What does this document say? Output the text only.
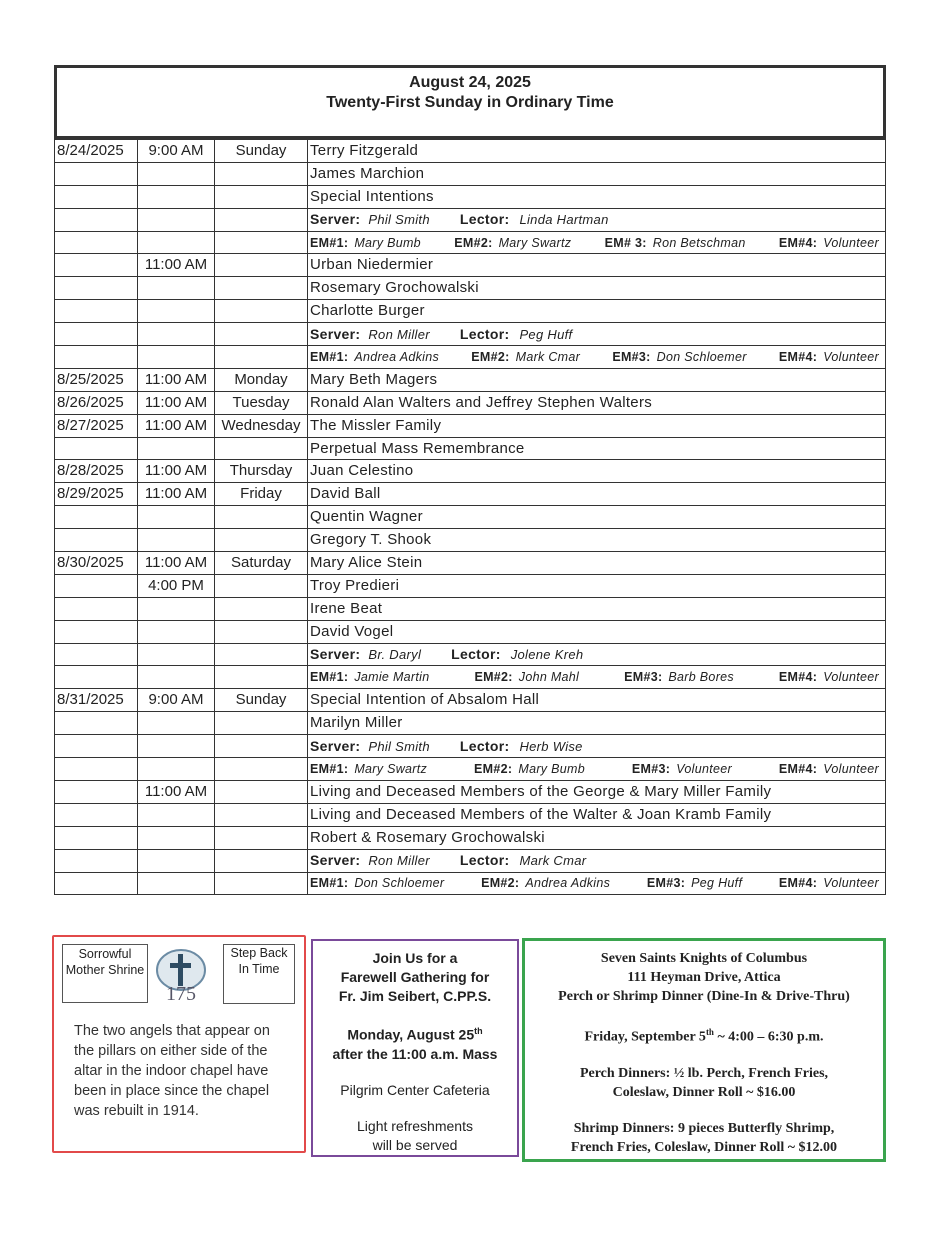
August 24, 2025
Twenty-First Sunday in Ordinary Time
8/24/2025	9:00 AM	Sunday	Terry Fitzgerald
			James Marchion
			Special Intentions
			Server: Phil Smith Lector: Linda Hartman

			EM#1: Mary Bumb EM#2: Mary Swartz EM# 3: Ron Betschman EM#4: Volunteer

	11:00 AM		Urban Niedermier
			Rosemary Grochowalski
			Charlotte Burger
			Server: Ron Miller Lector: Peg Huff

			EM#1: Andrea Adkins EM#2: Mark Cmar EM#3: Don Schloemer EM#4: Volunteer

8/25/2025	11:00 AM	Monday	Mary Beth Magers
8/26/2025	11:00 AM	Tuesday	Ronald Alan Walters and Jeffrey Stephen Walters
8/27/2025	11:00 AM	Wednesday	The Missler Family
			Perpetual Mass Remembrance
8/28/2025	11:00 AM	Thursday	Juan Celestino
8/29/2025	11:00 AM	Friday	David Ball
			Quentin Wagner
			Gregory T. Shook
8/30/2025	11:00 AM	Saturday	Mary Alice Stein
	4:00 PM		Troy Predieri
			Irene Beat
			David Vogel
			Server: Br. Daryl Lector: Jolene Kreh

			EM#1: Jamie Martin EM#2: John Mahl EM#3: Barb Bores EM#4: Volunteer

8/31/2025	9:00 AM	Sunday	Special Intention of Absalom Hall
			Marilyn Miller
			Server: Phil Smith Lector: Herb Wise

			EM#1: Mary Swartz EM#2: Mary Bumb EM#3: Volunteer EM#4: Volunteer

	11:00 AM		Living and Deceased Members of the George & Mary Miller Family
			Living and Deceased Members of the Walter & Joan Kramb Family
			Robert & Rosemary Grochowalski
			Server: Ron Miller Lector: Mark Cmar

			EM#1: Don Schloemer EM#2: Andrea Adkins EM#3: Peg Huff EM#4: Volunteer
Sorrowful Mother Shrine
175
Step Back In Time
The two angels that appear on the pillars on either side of the altar in the indoor chapel have been in place since the chapel was rebuilt in 1914.

Join Us for a

Farewell Gathering for

Fr. Jim Seibert, C.PP.S.

Monday, August 25th

after the 11:00 a.m. Mass

Pilgrim Center Cafeteria

Light refreshments

will be served

Seven Saints Knights of Columbus

111 Heyman Drive, Attica

Perch or Shrimp Dinner (Dine-In & Drive-Thru)

Friday, September 5th ~ 4:00 – 6:30 p.m.

Perch Dinners: ½ lb. Perch, French Fries,

Coleslaw, Dinner Roll ~ $16.00

Shrimp Dinners: 9 pieces Butterfly Shrimp,

French Fries, Coleslaw, Dinner Roll ~ $12.00
